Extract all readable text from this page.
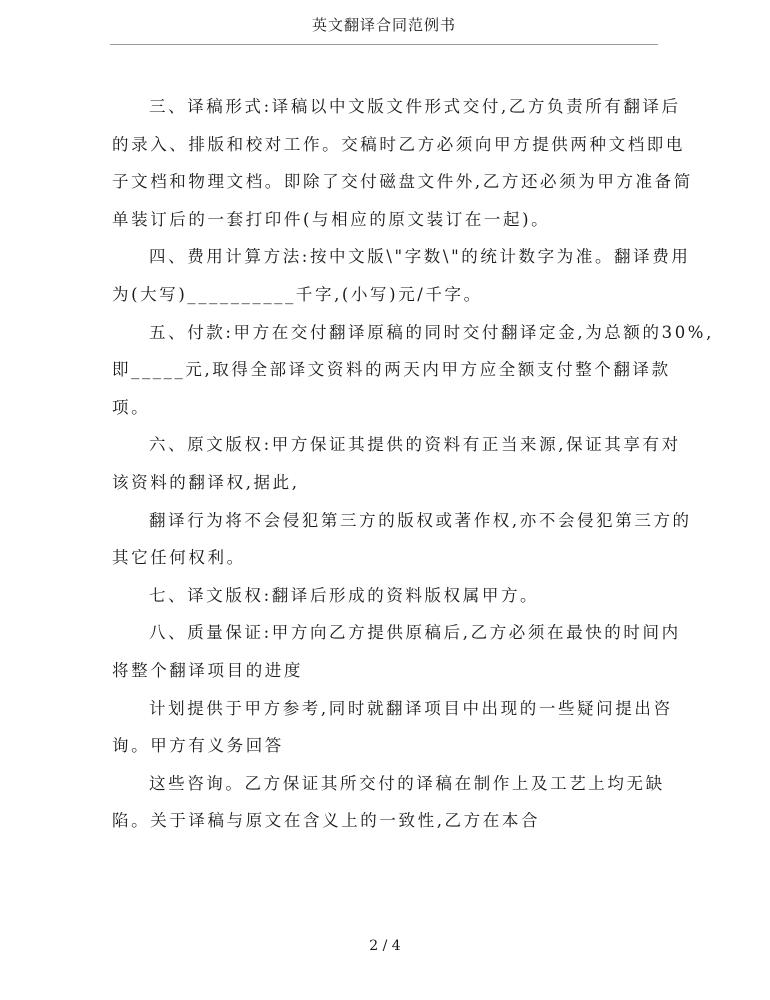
英文翻译合同范例书
三、译稿形式:译稿以中文版文件形式交付,乙方负责所有翻译后
的录入、排版和校对工作。交稿时乙方必须向甲方提供两种文档即电
子文档和物理文档。即除了交付磁盘文件外,乙方还必须为甲方准备简
单装订后的一套打印件(与相应的原文装订在一起)。
四、费用计算方法:按中文版\"字数\"的统计数字为准。翻译费用
为(大写)__________千字,(小写)元/千字。
五、付款:甲方在交付翻译原稿的同时交付翻译定金,为总额的30%,
即_____元,取得全部译文资料的两天内甲方应全额支付整个翻译款
项。
六、原文版权:甲方保证其提供的资料有正当来源,保证其享有对
该资料的翻译权,据此,
翻译行为将不会侵犯第三方的版权或著作权,亦不会侵犯第三方的
其它任何权利。
七、译文版权:翻译后形成的资料版权属甲方。
八、质量保证:甲方向乙方提供原稿后,乙方必须在最快的时间内
将整个翻译项目的进度
计划提供于甲方参考,同时就翻译项目中出现的一些疑问提出咨
询。甲方有义务回答
这些咨询。乙方保证其所交付的译稿在制作上及工艺上均无缺
陷。关于译稿与原文在含义上的一致性,乙方在本合
2 / 4
